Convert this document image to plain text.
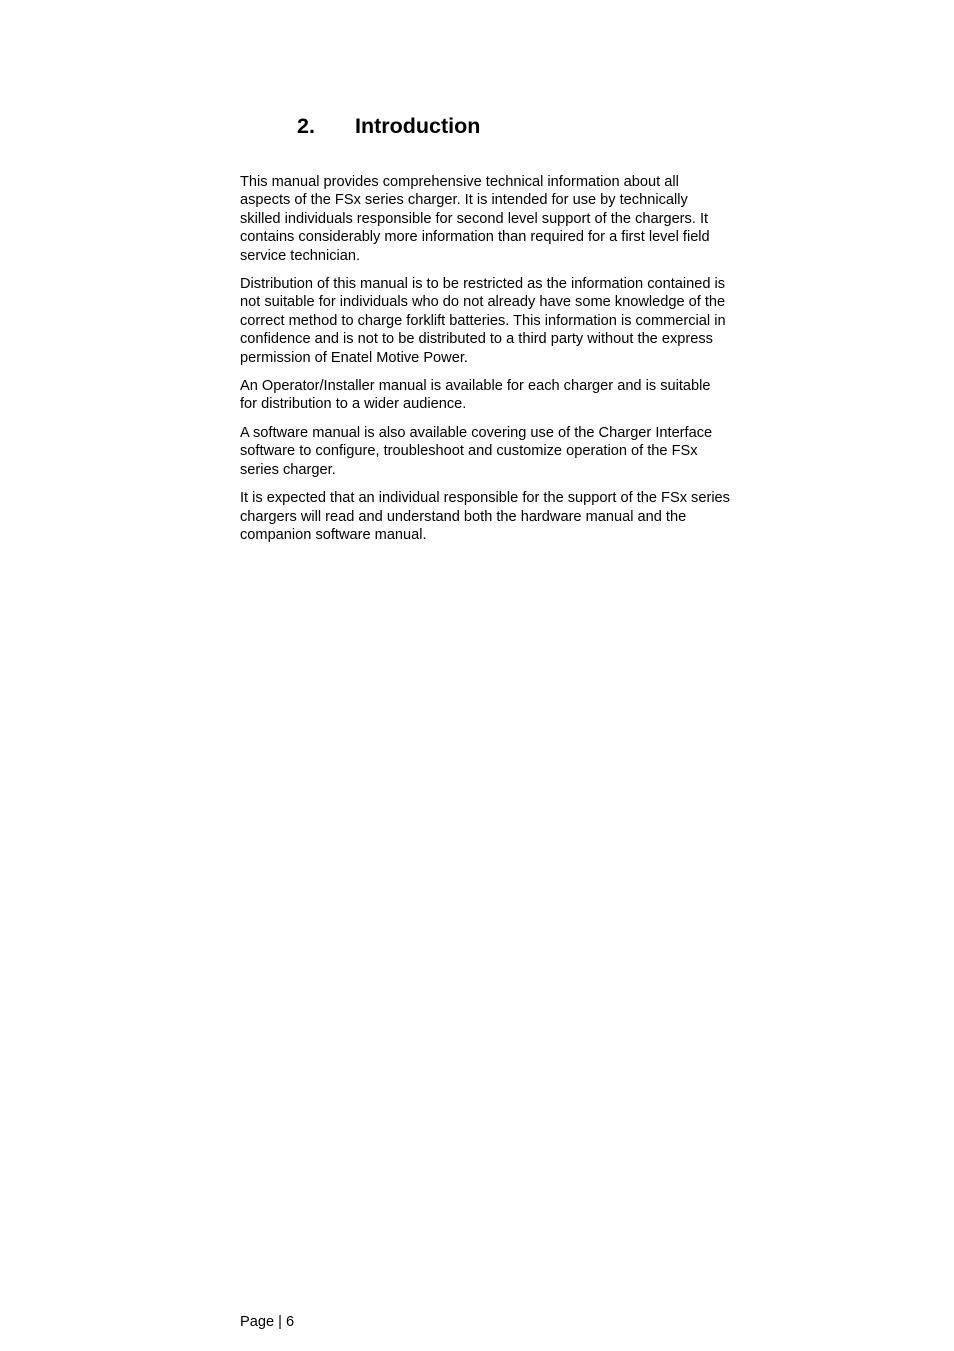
2. Introduction

This manual provides comprehensive technical information about all aspects of the FSx series charger. It is intended for use by technically skilled individuals responsible for second level support of the chargers. It contains considerably more information than required for a first level field service technician.

Distribution of this manual is to be restricted as the information contained is not suitable for individuals who do not already have some knowledge of the correct method to charge forklift batteries. This information is commercial in confidence and is not to be distributed to a third party without the express permission of Enatel Motive Power.

An Operator/Installer manual is available for each charger and is suitable for distribution to a wider audience.

A software manual is also available covering use of the Charger Interface software to configure, troubleshoot and customize operation of the FSx series charger.

It is expected that an individual responsible for the support of the FSx series chargers will read and understand both the hardware manual and the companion software manual.

Page | 6
